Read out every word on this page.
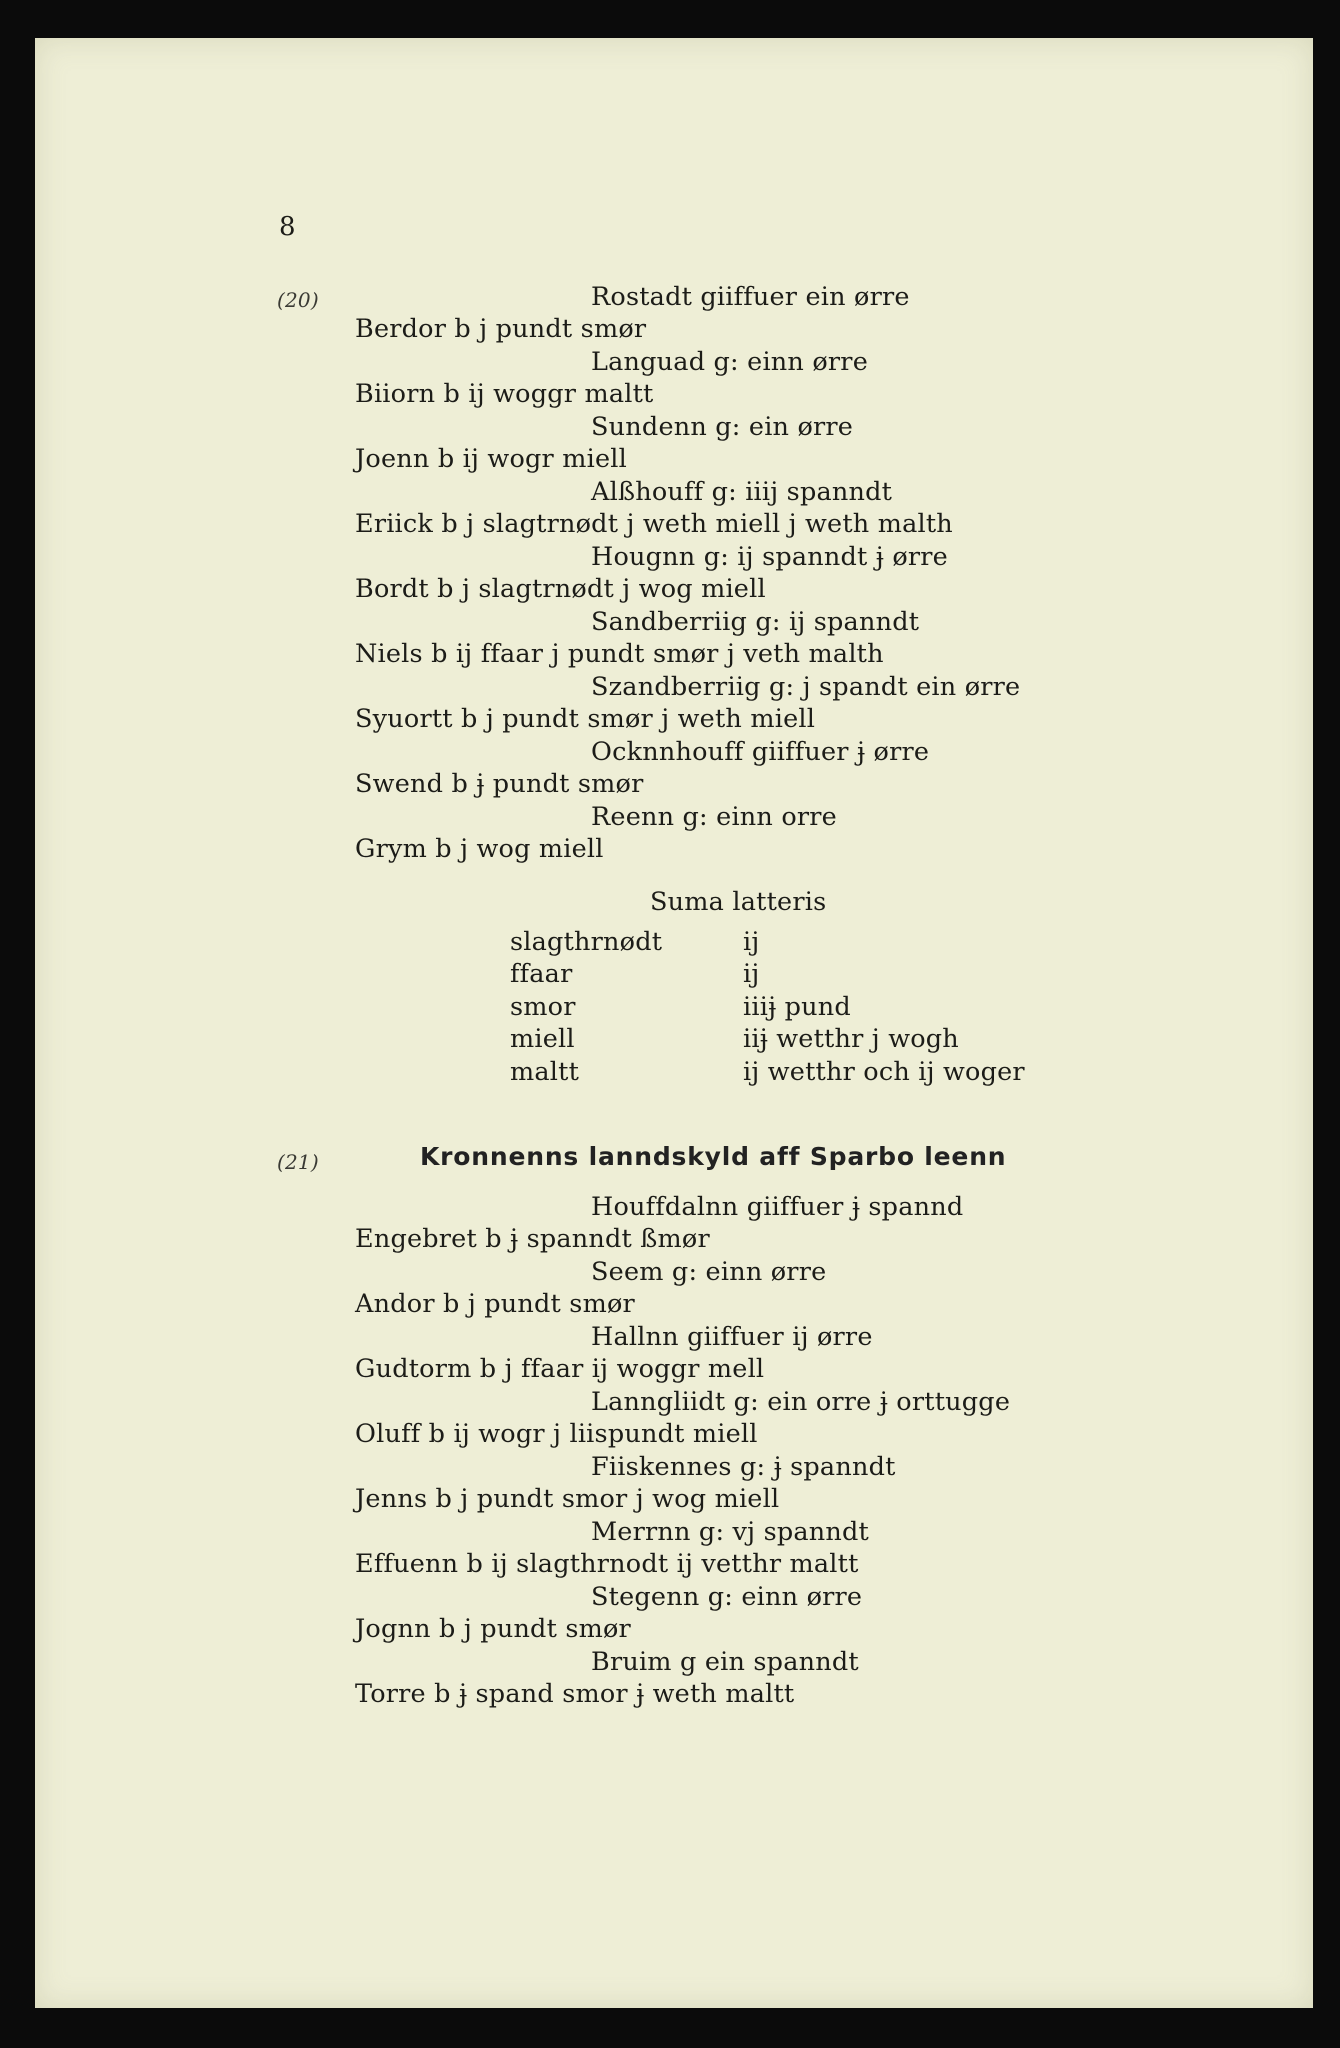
8
(20)	Rostadt giiffuer ein ørre
Berdor b j pundt smør
Languad g: einn ørre
Biiorn b ij woggr maltt
Sundenn g: ein ørre
Joenn b ij wogr miell
Alßhouff g: iiij spanndt
Eriick b j slagtrnødt j weth miell j weth malth
Hougnn g: ij spanndt ɉ ørre
Bordt b j slagtrnødt j wog miell
Sandberriig g: ij spanndt
Niels b ij ffaar j pundt smør j veth malth
Szandberriig g: j spandt ein ørre
Syuortt b j pundt smør j weth miell
Ocknnhouff giiffuer ɉ ørre
Swend b ɉ pundt smør
Reenn g: einn orre
Grym b j wog miell
Suma latteris
slagthrnødt	ij
ffaar	ij
smor	iiiɉ pund
miell	iiɉ wetthr j wogh
maltt	ij wetthr och ij woger
(21)	Kronnenns lanndskyld aff Sparbo leenn
Houffdalnn giiffuer ɉ spannd
Engebret b ɉ spanndt ßmør
Seem g: einn ørre
Andor b j pundt smør
Hallnn giiffuer ij ørre
Gudtorm b j ffaar ij woggr mell
Lanngliidt g: ein orre ɉ orttugge
Oluff b ij wogr j liispundt miell
Fiiskennes g: ɉ spanndt
Jenns b j pundt smor j wog miell
Merrnn g: vj spanndt
Effuenn b ij slagthrnodt ij vetthr maltt
Stegenn g: einn ørre
Jognn b j pundt smør
Bruim g ein spanndt
Torre b ɉ spand smor ɉ weth maltt
